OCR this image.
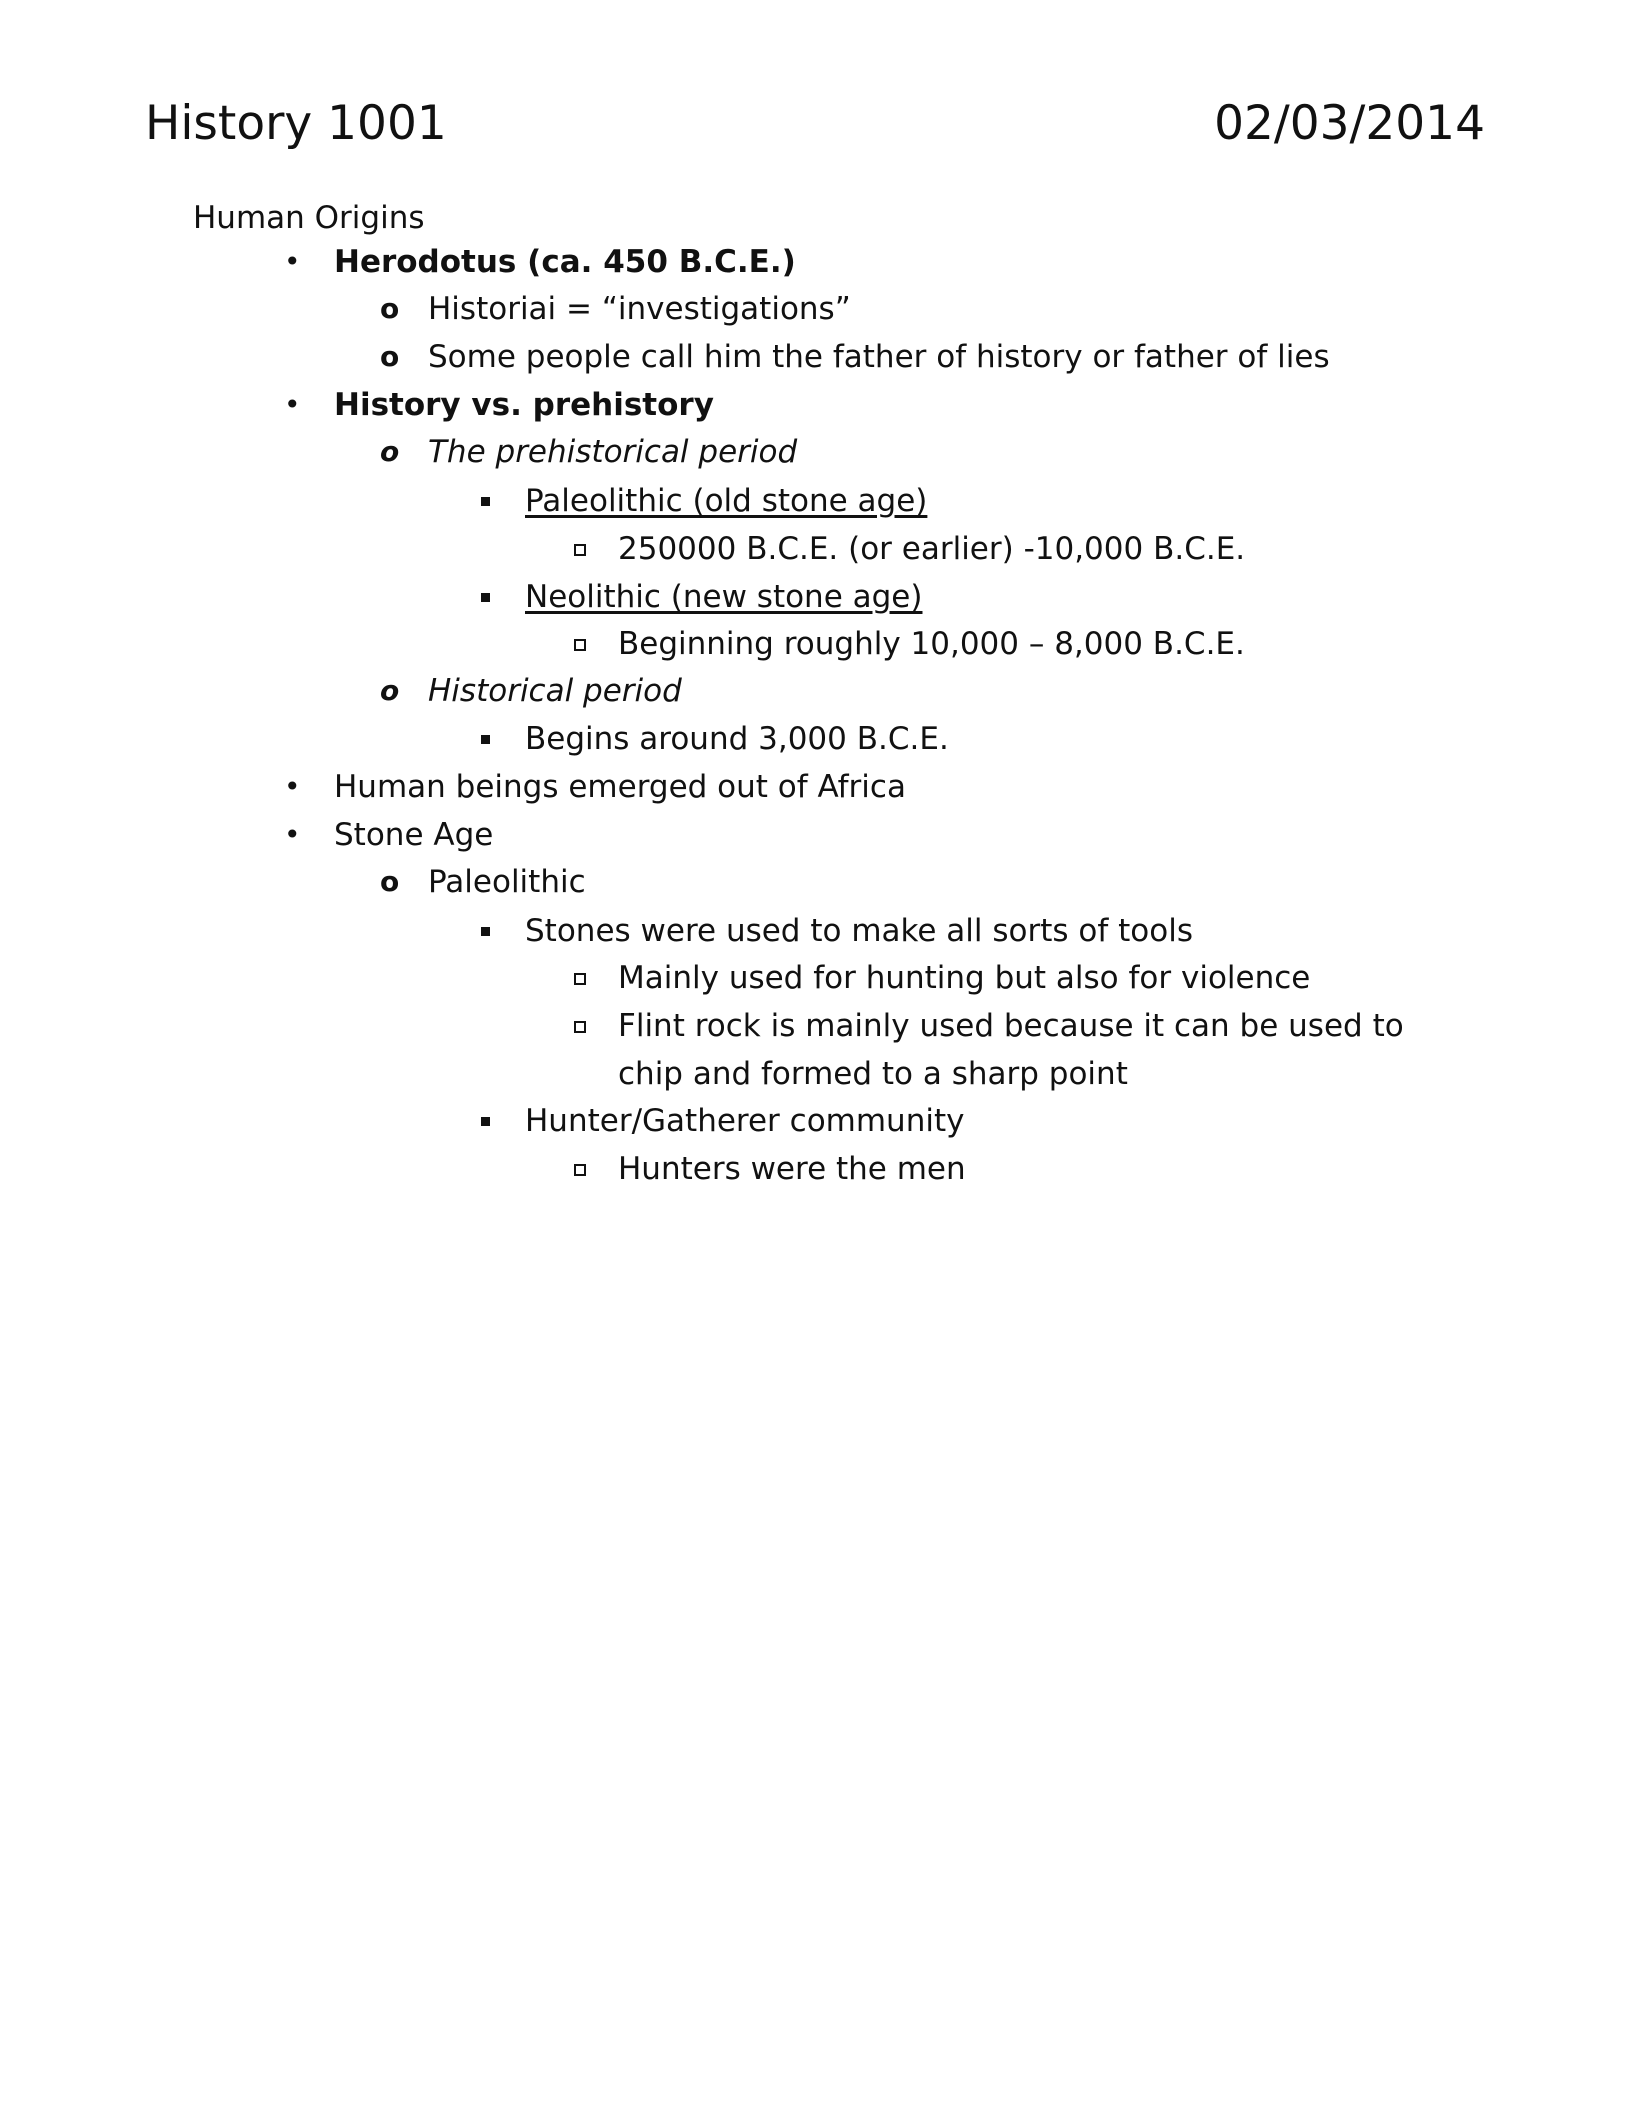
History 1001	02/03/2014
Human Origins
• Herodotus (ca. 450 B.C.E.)
o Historiai = “investigations”
o Some people call him the father of history or father of lies
• History vs. prehistory
o The prehistorical period
Paleolithic (old stone age)
250000 B.C.E. (or earlier) -10,000 B.C.E.
Neolithic (new stone age)
Beginning roughly 10,000 – 8,000 B.C.E.
o Historical period
Begins around 3,000 B.C.E.
• Human beings emerged out of Africa
• Stone Age
o Paleolithic
Stones were used to make all sorts of tools
Mainly used for hunting but also for violence
Flint rock is mainly used because it can be used to
chip and formed to a sharp point
Hunter/Gatherer community
Hunters were the men
